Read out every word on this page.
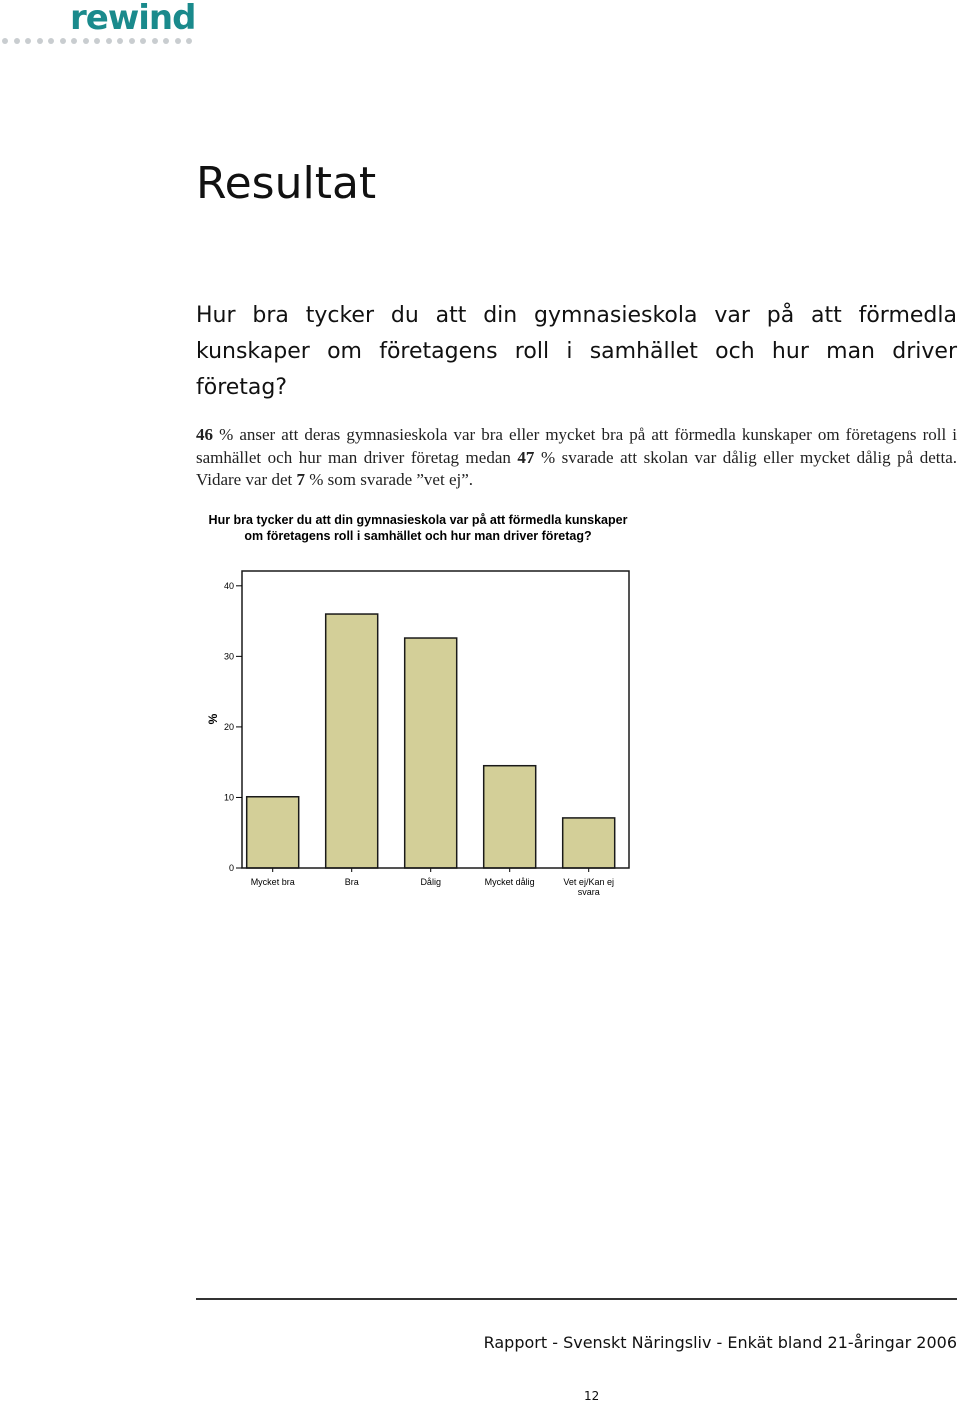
rewind
Resultat

Hur bra tycker du att din gymnasieskola var på att förmedla kunskaper om företagens roll i samhället och hur man driver företag?

46 % anser att deras gymnasieskola var bra eller mycket bra på att förmedla kunskaper om företagens roll i samhället och hur man driver företag medan 47 % svarade att skolan var dålig eller mycket dålig på detta. Vidare var det 7 % som svarade ”vet ej”.

Hur bra tycker du att din gymnasieskola var på att förmedla kunskaper om företagens roll i samhället och hur man driver företag?
Mycket bra	Bra	Dålig	Mycket dålig	Vet ej/Kan ej svara
0
10
20
30
40
%
Rapport - Svenskt Näringsliv - Enkät bland 21-åringar 2006
12
